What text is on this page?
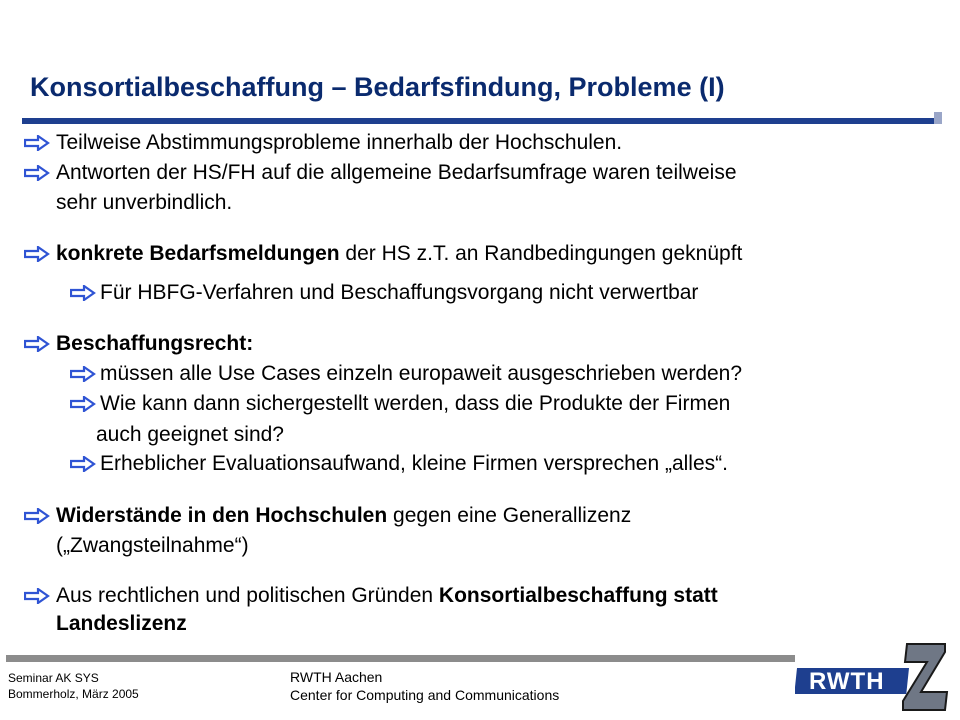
Konsortialbeschaffung – Bedarfsfindung, Probleme (I)
Teilweise Abstimmungsprobleme innerhalb der Hochschulen.
Antworten der HS/FH auf die allgemeine Bedarfsumfrage waren teilweise
sehr unverbindlich.
konkrete Bedarfsmeldungen der HS z.T. an Randbedingungen geknüpft
Für HBFG-Verfahren und Beschaffungsvorgang nicht verwertbar
Beschaffungsrecht:
müssen alle Use Cases einzeln europaweit ausgeschrieben werden?
Wie kann dann sichergestellt werden, dass die Produkte der Firmen
auch geeignet sind?
Erheblicher Evaluationsaufwand, kleine Firmen versprechen „alles“.
Widerstände in den Hochschulen gegen eine Generallizenz
(„Zwangsteilnahme“)
Aus rechtlichen und politischen Gründen Konsortialbeschaffung statt
Landeslizenz
Seminar AK SYS
Bommerholz, März 2005
RWTH Aachen
Center for Computing and Communications	RWTH
